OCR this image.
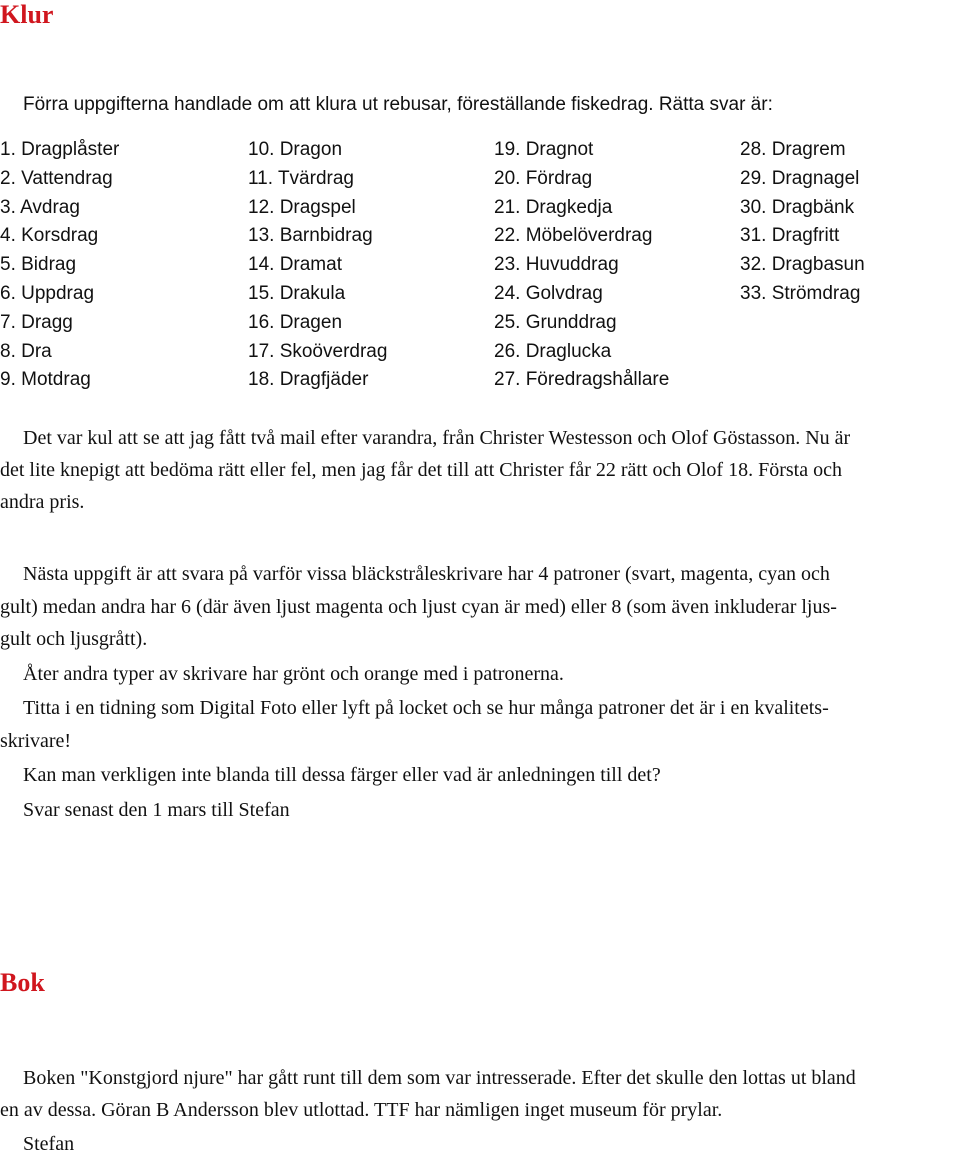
Klur
Förra uppgifterna handlade om att klura ut rebusar, föreställande fiskedrag. Rätta svar är:
1. Dragplåster
2. Vattendrag
3. Avdrag
4. Korsdrag
5. Bidrag
6. Uppdrag
7. Dragg
8. Dra
9. Motdrag
10. Dragon
11. Tvärdrag
12. Dragspel
13. Barnbidrag
14. Dramat
15. Drakula
16. Dragen
17. Skoöverdrag
18. Dragfjäder
19. Dragnot
20. Fördrag
21. Dragkedja
22. Möbelöverdrag
23. Huvuddrag
24. Golvdrag
25. Grunddrag
26. Draglucka
27. Föredragshållare
28. Dragrem
29. Dragnagel
30. Dragbänk
31. Dragfritt
32. Dragbasun
33. Strömdrag
Det var kul att se att jag fått två mail efter varandra, från Christer Westesson och Olof Göstasson. Nu är
det lite knepigt att bedöma rätt eller fel, men jag får det till att Christer får 22 rätt och Olof 18. Första och
andra pris.
Nästa uppgift är att svara på varför vissa bläckstråleskrivare har 4 patroner (svart, magenta, cyan och
gult) medan andra har 6 (där även ljust magenta och ljust cyan är med) eller 8 (som även inkluderar ljus-
gult och ljusgrått).
Åter andra typer av skrivare har grönt och orange med i patronerna.
Titta i en tidning som Digital Foto eller lyft på locket och se hur många patroner det är i en kvalitets-
skrivare!
Kan man verkligen inte blanda till dessa färger eller vad är anledningen till det?
Svar senast den 1 mars till Stefan
Bok
Boken "Konstgjord njure" har gått runt till dem som var intresserade. Efter det skulle den lottas ut bland
en av dessa. Göran B Andersson blev utlottad. TTF har nämligen inget museum för prylar.
Stefan
